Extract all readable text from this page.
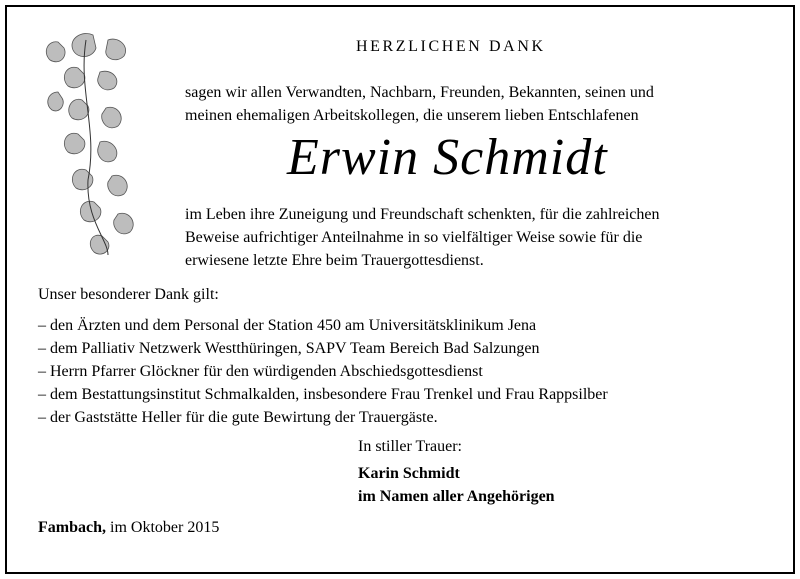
HERZLICHEN DANK
sagen wir allen Verwandten, Nachbarn, Freunden, Bekannten, seinen und
meinen ehemaligen Arbeitskollegen, die unserem lieben Entschlafenen
Erwin Schmidt
im Leben ihre Zuneigung und Freundschaft schenkten, für die zahlreichen
Beweise aufrichtiger Anteilnahme in so vielfältiger Weise sowie für die
erwiesene letzte Ehre beim Trauergottesdienst.
Unser besonderer Dank gilt:
– den Ärzten und dem Personal der Station 450 am Universitätsklinikum Jena
– dem Palliativ Netzwerk Westthüringen, SAPV Team Bereich Bad Salzungen
– Herrn Pfarrer Glöckner für den würdigenden Abschiedsgottesdienst
– dem Bestattungsinstitut Schmalkalden, insbesondere Frau Trenkel und Frau Rappsilber
– der Gaststätte Heller für die gute Bewirtung der Trauergäste.
In stiller Trauer:
Karin Schmidt
im Namen aller Angehörigen
Fambach, im Oktober 2015
